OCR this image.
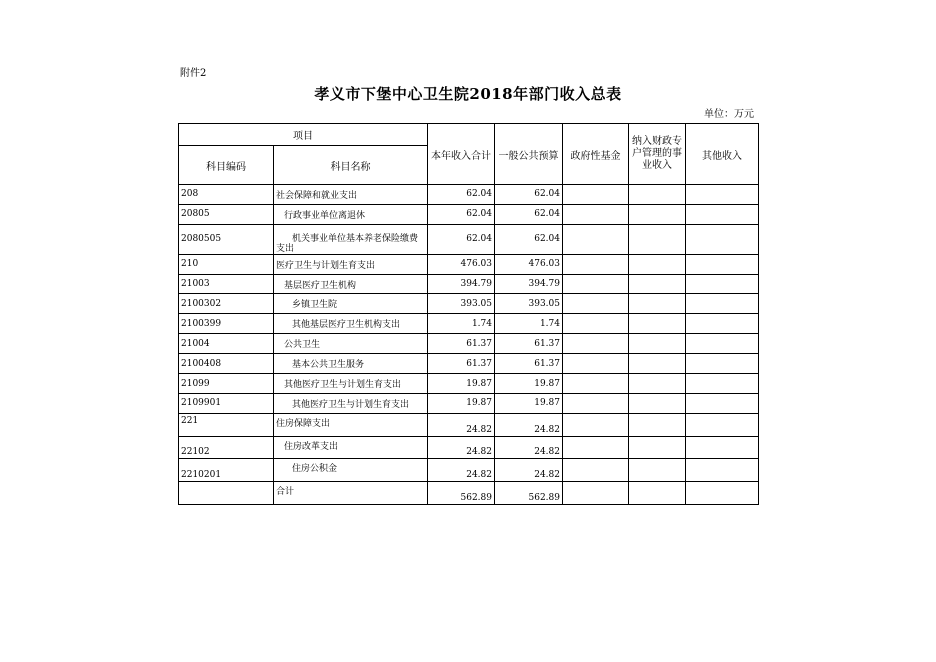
附件2
孝义市下堡中心卫生院2018年部门收入总表
单位：万元
项目		本年收入合计	一般公共预算	政府性基金	纳入财政专户管理的事业收入	其他收入
科目编码	科目名称					
208	社会保障和就业支出	62.04	62.04			
20805	行政事业单位离退休	62.04	62.04			
2080505	机关事业单位基本养老保险缴费支出	62.04	62.04			
210	医疗卫生与计划生育支出	476.03	476.03			
21003	基层医疗卫生机构	394.79	394.79			
2100302	乡镇卫生院	393.05	393.05			
2100399	其他基层医疗卫生机构支出	1.74	1.74			
21004	公共卫生	61.37	61.37			
2100408	基本公共卫生服务	61.37	61.37			
21099	其他医疗卫生与计划生育支出	19.87	19.87			
2109901	其他医疗卫生与计划生育支出	19.87	19.87			
221	住房保障支出	24.82	24.82			
22102	住房改革支出	24.82	24.82			
2210201	住房公积金	24.82	24.82			
	合计	562.89	562.89			
